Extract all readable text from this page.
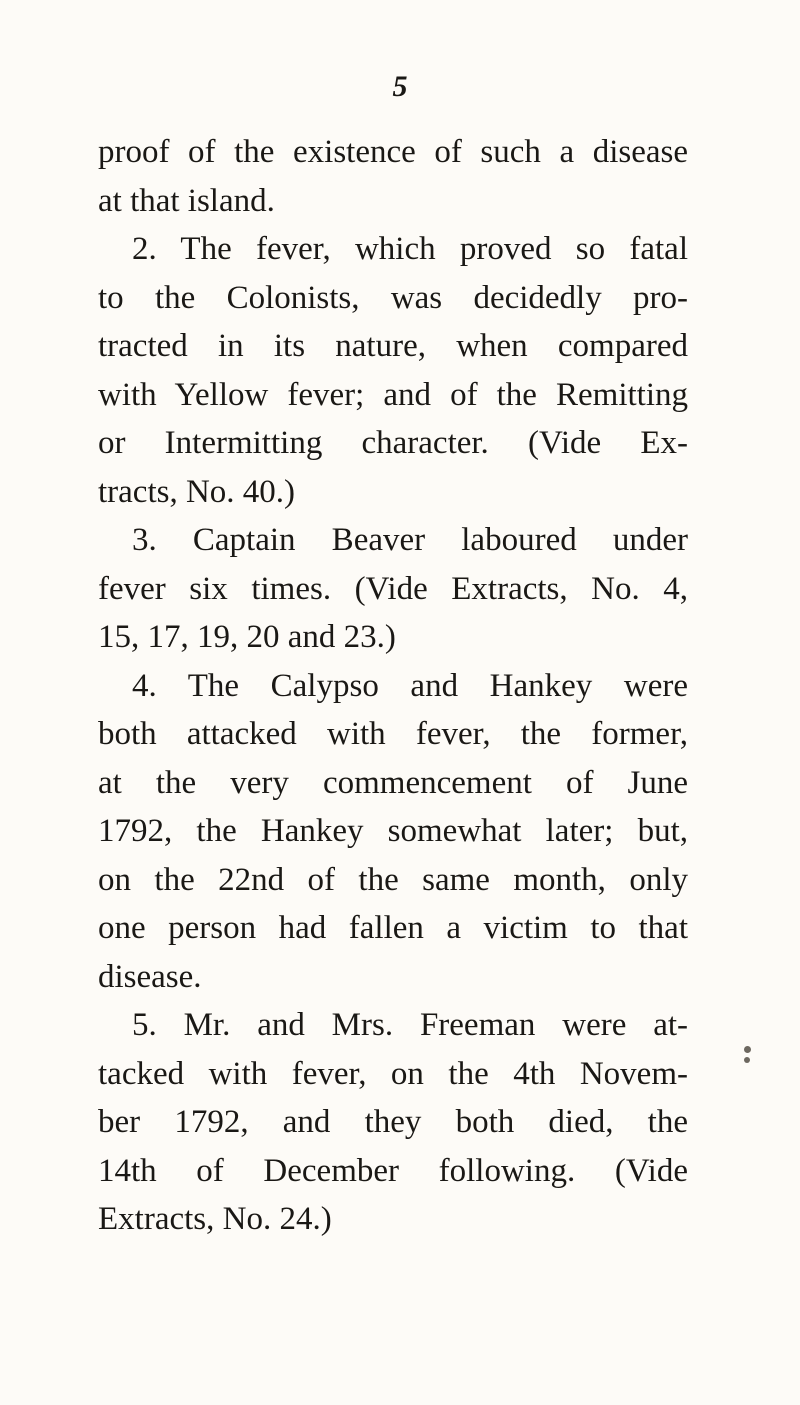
5
proof of the existence of such a disease
at that island.
2. The fever, which proved so fatal
to the Colonists, was decidedly pro-
tracted in its nature, when compared
with Yellow fever; and of the Remitting
or Intermitting character. (Vide Ex-
tracts, No. 40.)
3. Captain Beaver laboured under
fever six times. (Vide Extracts, No. 4,
15, 17, 19, 20 and 23.)
4. The Calypso and Hankey were
both attacked with fever, the former,
at the very commencement of June
1792, the Hankey somewhat later; but,
on the 22nd of the same month, only
one person had fallen a victim to that
disease.
5. Mr. and Mrs. Freeman were at-
tacked with fever, on the 4th Novem-
ber 1792, and they both died, the
14th of December following. (Vide
Extracts, No. 24.)
